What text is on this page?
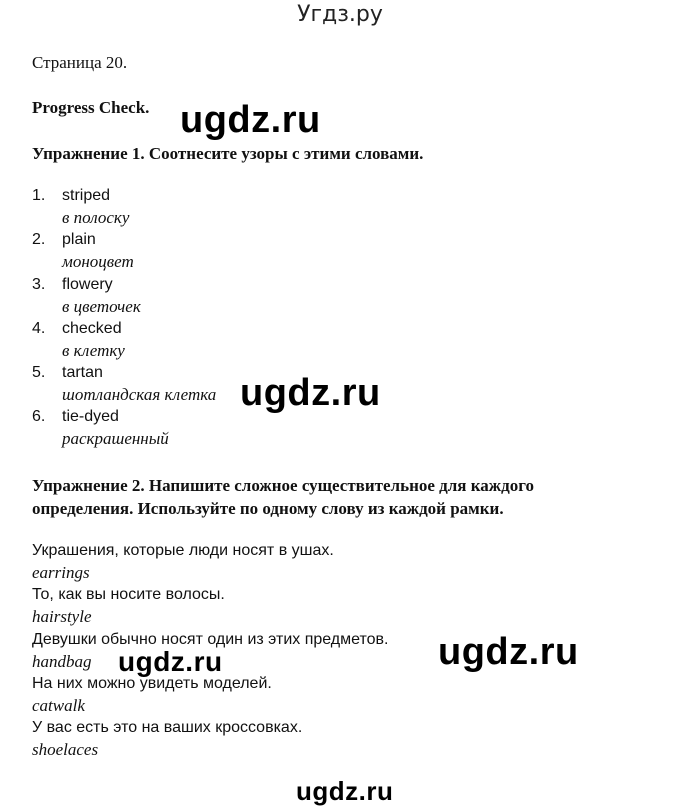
Угдз.ру
Страница 20.
Progress Check.
Упражнение 1. Соотнесите узоры с этими словами.
1.	striped
в полоску
2.	plain
моноцвет
3.	flowery
в цветочек
4.	checked
в клетку
5.	tartan
шотландская клетка
6.	tie-dyed
раскрашенный
Упражнение 2. Напишите сложное существительное для каждого
определения. Используйте по одному слову из каждой рамки.
Украшения, которые люди носят в ушах.
earrings
То, как вы носите волосы.
hairstyle
Девушки обычно носят один из этих предметов.
handbag
На них можно увидеть моделей.
catwalk
У вас есть это на ваших кроссовках.
shoelaces
ugdz.ru
ugdz.ru
ugdz.ru
ugdz.ru
ugdz.ru
